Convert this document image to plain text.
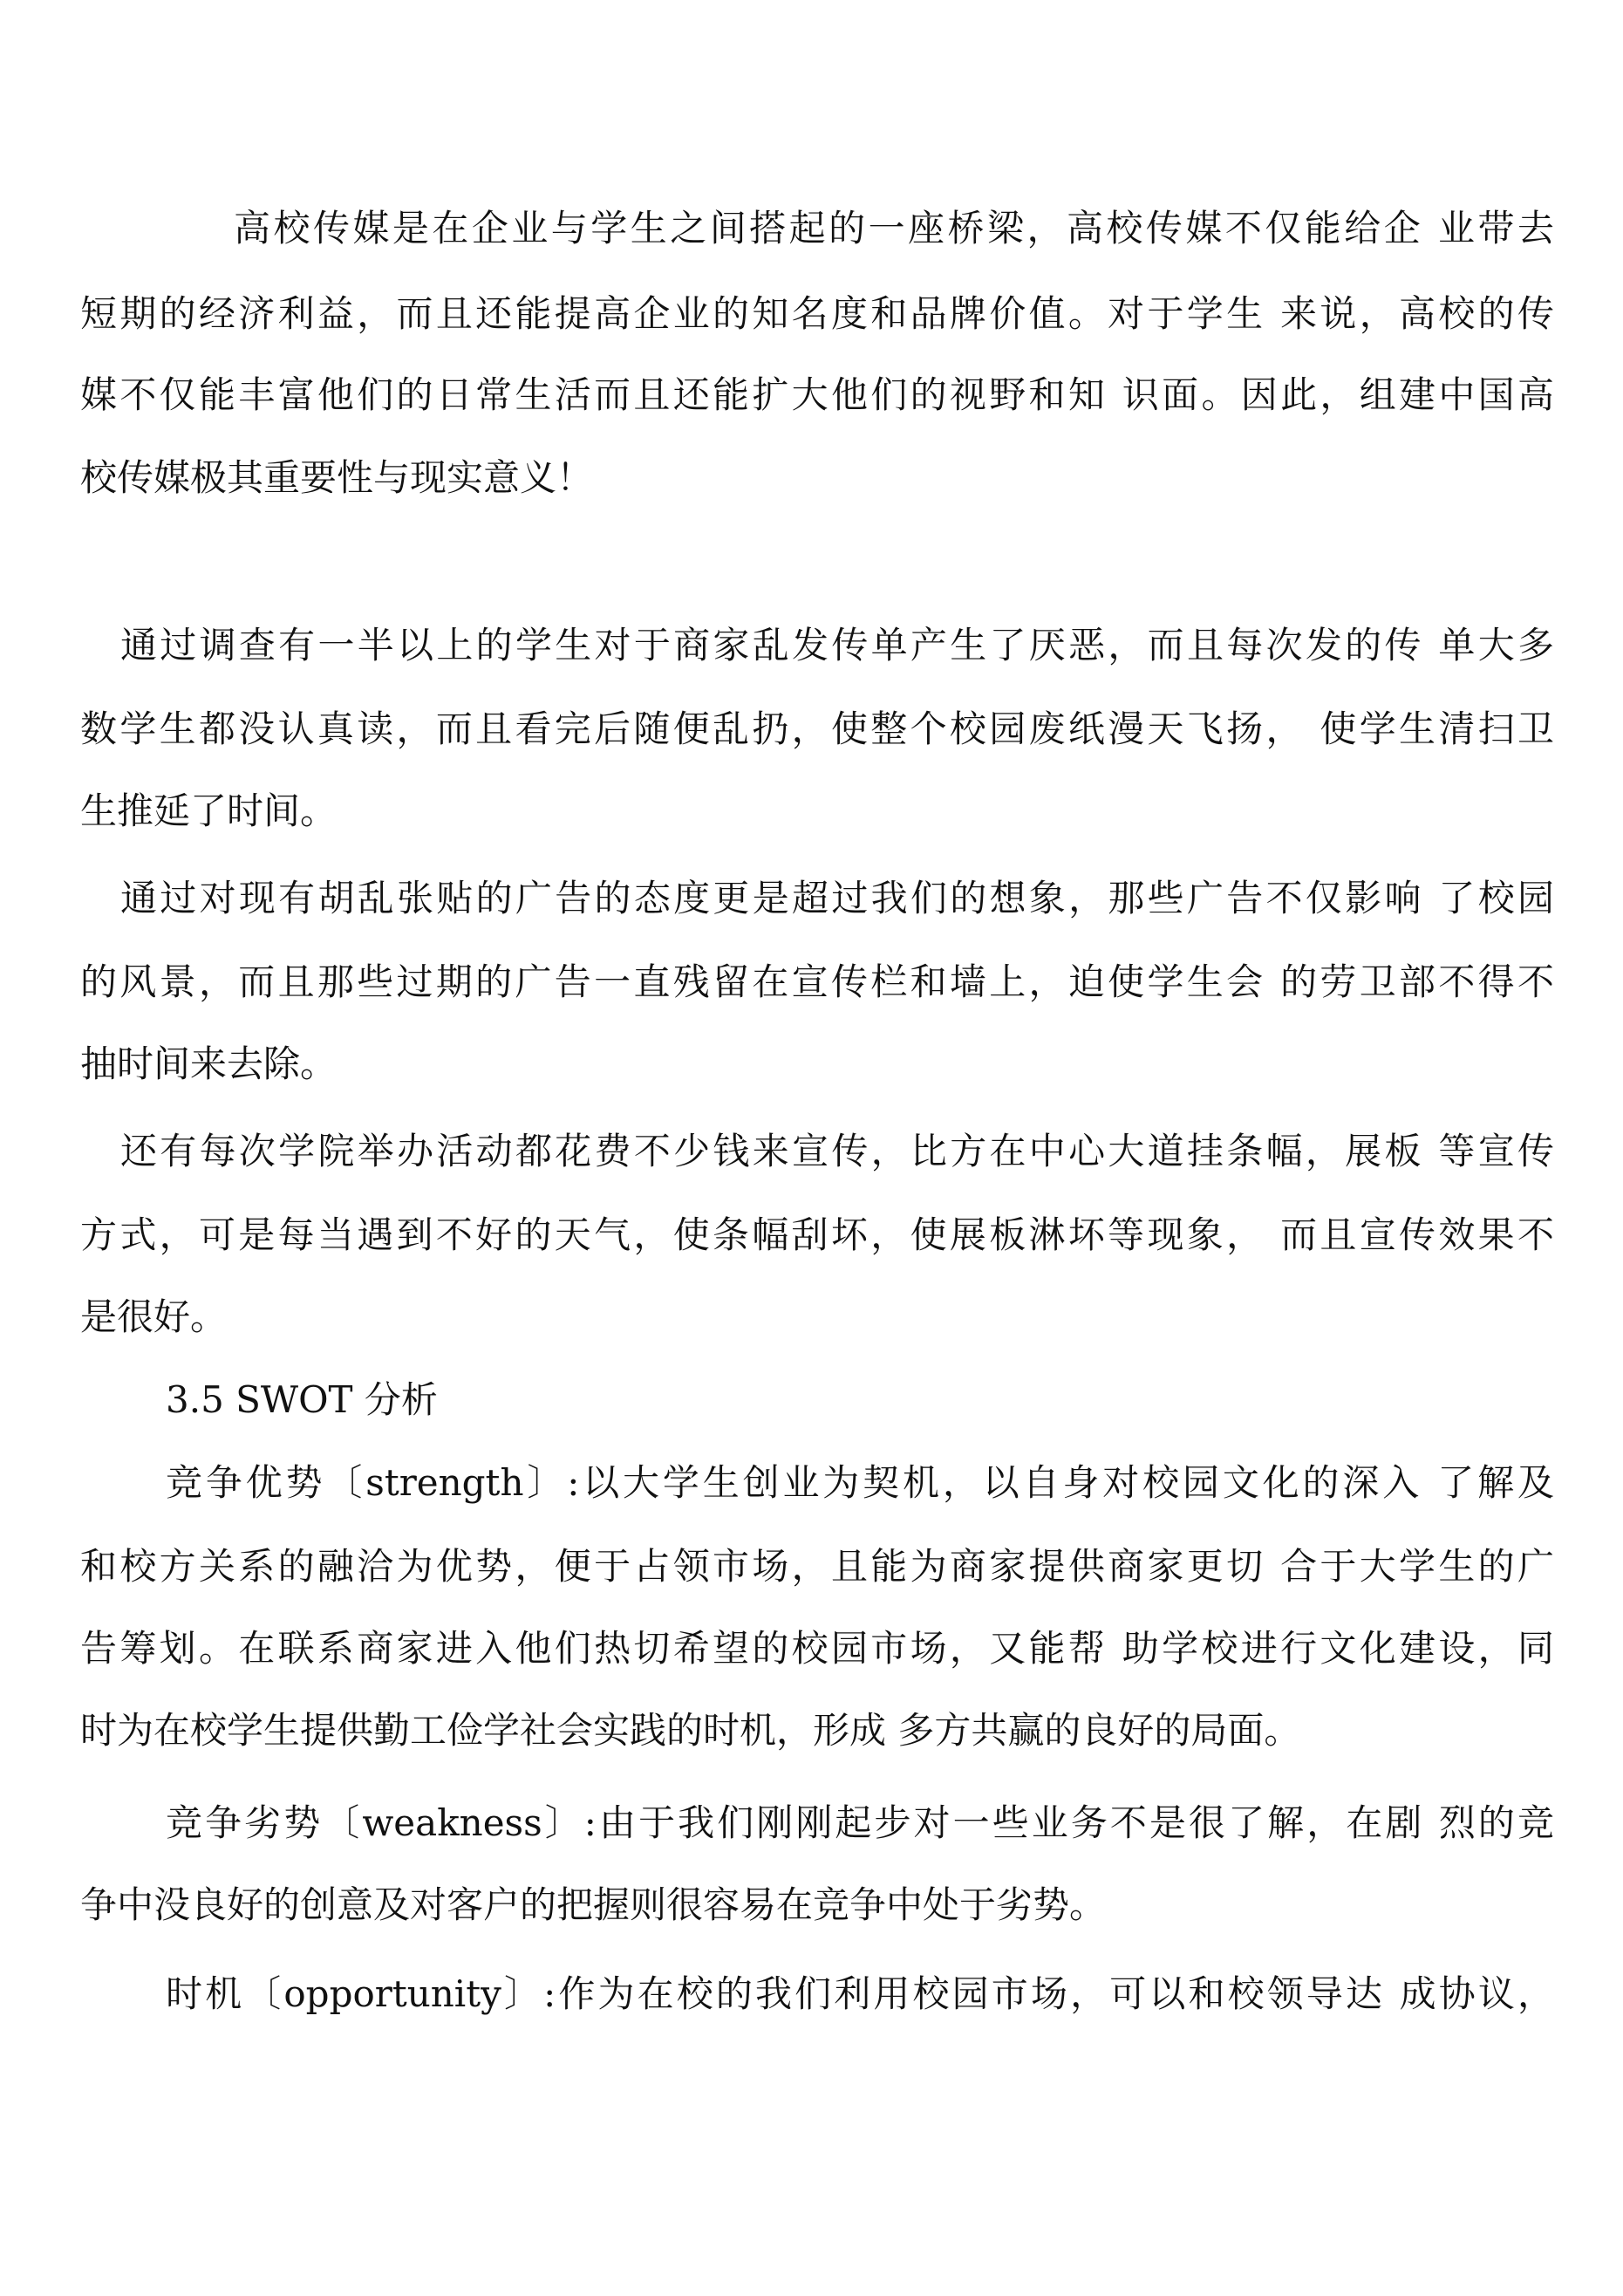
高校传媒是在企业与学生之间搭起的一座桥梁，高校传媒不仅能给企 业带去
短期的经济利益，而且还能提高企业的知名度和品牌价值。对于学生 来说，高校的传
媒不仅能丰富他们的日常生活而且还能扩大他们的视野和知 识面。因此，组建中国高
校传媒极其重要性与现实意义！
通过调查有一半以上的学生对于商家乱发传单产生了厌恶，而且每次发的传 单大多
数学生都没认真读，而且看完后随便乱扔，使整个校园废纸漫天飞扬， 使学生清扫卫
生推延了时间。
通过对现有胡乱张贴的广告的态度更是超过我们的想象，那些广告不仅影响 了校园
的风景，而且那些过期的广告一直残留在宣传栏和墙上，迫使学生会 的劳卫部不得不
抽时间来去除。
还有每次学院举办活动都花费不少钱来宣传，比方在中心大道挂条幅，展板 等宣传
方式，可是每当遇到不好的天气，使条幅刮坏，使展板淋坏等现象， 而且宣传效果不
是很好。
3.5 SWOT 分析
竞争优势〔strength〕:以大学生创业为契机，以自身对校园文化的深入 了解及
和校方关系的融洽为优势，便于占领市场，且能为商家提供商家更切 合于大学生的广
告筹划。在联系商家进入他们热切希望的校园市场，又能帮 助学校进行文化建设，同
时为在校学生提供勤工俭学社会实践的时机，形成 多方共赢的良好的局面。
竞争劣势〔weakness〕:由于我们刚刚起步对一些业务不是很了解，在剧 烈的竞
争中没良好的创意及对客户的把握则很容易在竞争中处于劣势。
时机〔opportunity〕:作为在校的我们利用校园市场，可以和校领导达 成协议，
